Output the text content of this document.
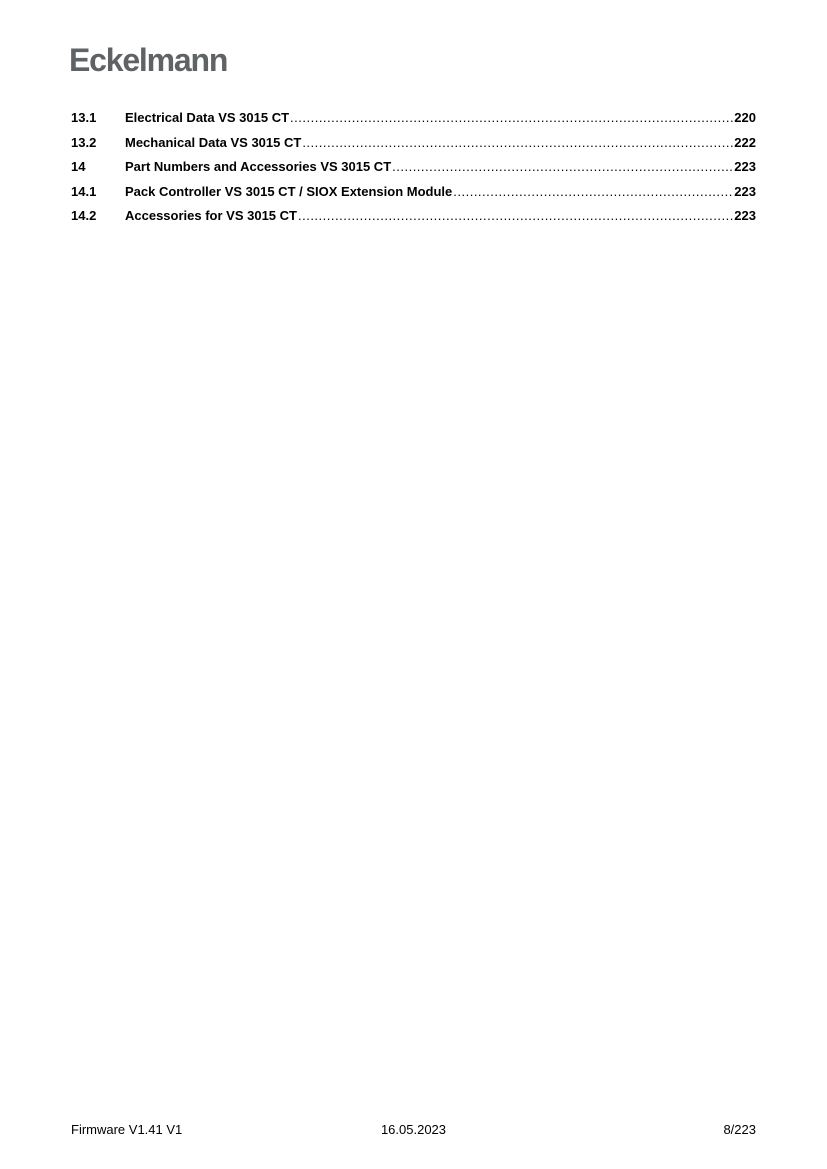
Eckelmann
13.1	Electrical Data VS 3015 CT .....	220
13.2	Mechanical Data VS 3015 CT .....	222
14	Part Numbers and Accessories VS 3015 CT .....	223
14.1	Pack Controller VS 3015 CT / SIOX Extension Module .....	223
14.2	Accessories for VS 3015 CT .....	223
Firmware V1.41 V1	16.05.2023	8/223
